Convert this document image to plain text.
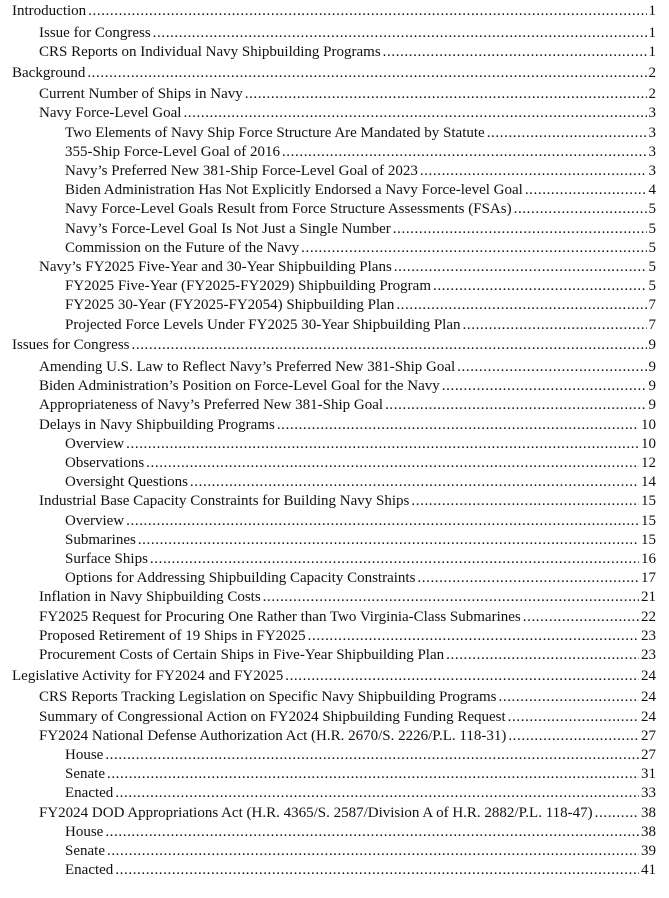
Introduction .....	1
Issue for Congress .....	1
CRS Reports on Individual Navy Shipbuilding Programs .....	1
Background .....	2
Current Number of Ships in Navy .....	2
Navy Force-Level Goal .....	3
Two Elements of Navy Ship Force Structure Are Mandated by Statute .....	3
355-Ship Force-Level Goal of 2016 .....	3
Navy’s Preferred New 381-Ship Force-Level Goal of 2023 .....	3
Biden Administration Has Not Explicitly Endorsed a Navy Force-level Goal .....	4
Navy Force-Level Goals Result from Force Structure Assessments (FSAs) .....	5
Navy’s Force-Level Goal Is Not Just a Single Number .....	5
Commission on the Future of the Navy .....	5
Navy’s FY2025 Five-Year and 30-Year Shipbuilding Plans .....	5
FY2025 Five-Year (FY2025-FY2029) Shipbuilding Program .....	5
FY2025 30-Year (FY2025-FY2054) Shipbuilding Plan .....	7
Projected Force Levels Under FY2025 30-Year Shipbuilding Plan .....	7
Issues for Congress .....	9
Amending U.S. Law to Reflect Navy’s Preferred New 381-Ship Goal .....	9
Biden Administration’s Position on Force-Level Goal for the Navy .....	9
Appropriateness of Navy’s Preferred New 381-Ship Goal .....	9
Delays in Navy Shipbuilding Programs .....	10
Overview .....	10
Observations .....	12
Oversight Questions .....	14
Industrial Base Capacity Constraints for Building Navy Ships .....	15
Overview .....	15
Submarines .....	15
Surface Ships .....	16
Options for Addressing Shipbuilding Capacity Constraints .....	17
Inflation in Navy Shipbuilding Costs .....	21
FY2025 Request for Procuring One Rather than Two Virginia-Class Submarines .....	22
Proposed Retirement of 19 Ships in FY2025 .....	23
Procurement Costs of Certain Ships in Five-Year Shipbuilding Plan .....	23
Legislative Activity for FY2024 and FY2025 .....	24
CRS Reports Tracking Legislation on Specific Navy Shipbuilding Programs .....	24
Summary of Congressional Action on FY2024 Shipbuilding Funding Request .....	24
FY2024 National Defense Authorization Act (H.R. 2670/S. 2226/P.L. 118-31) .....	27
House .....	27
Senate .....	31
Enacted .....	33
FY2024 DOD Appropriations Act (H.R. 4365/S. 2587/Division A of H.R. 2882/P.L. 118-47) .....	38
House .....	38
Senate .....	39
Enacted .....	41
